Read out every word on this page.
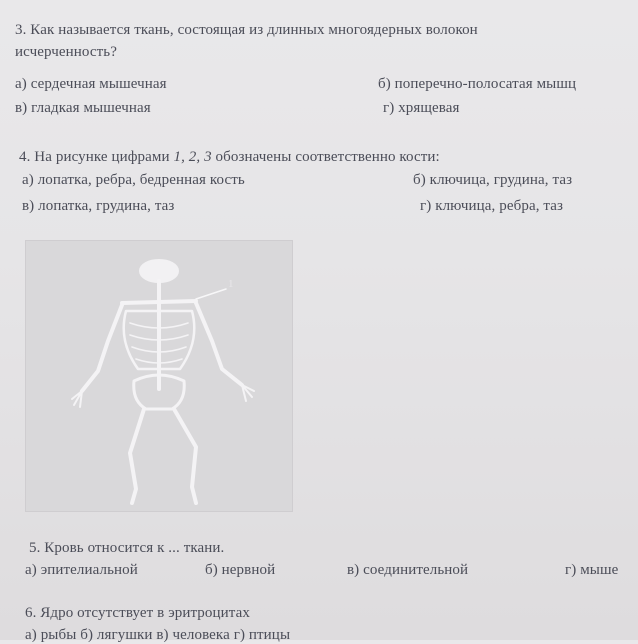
3. Как называется ткань, состоящая из длинных многоядерных волокон
исчерченность?
а) сердечная мышечная	б) поперечно-полосатая мышц
в) гладкая мышечная	г) хрящевая
4. На рисунке цифрами 1, 2, 3 обозначены соответственно кости:
а) лопатка, ребра, бедренная кость	б) ключица, грудина, таз
в) лопатка, грудина, таз	г) ключица, ребра, таз
1
5. Кровь относится к ... ткани.
а) эпителиальной	б) нервной	в) соединительной	г) мыше
6. Ядро отсутствует в эритроцитах
а) рыбы б) лягушки в) человека г) птицы
